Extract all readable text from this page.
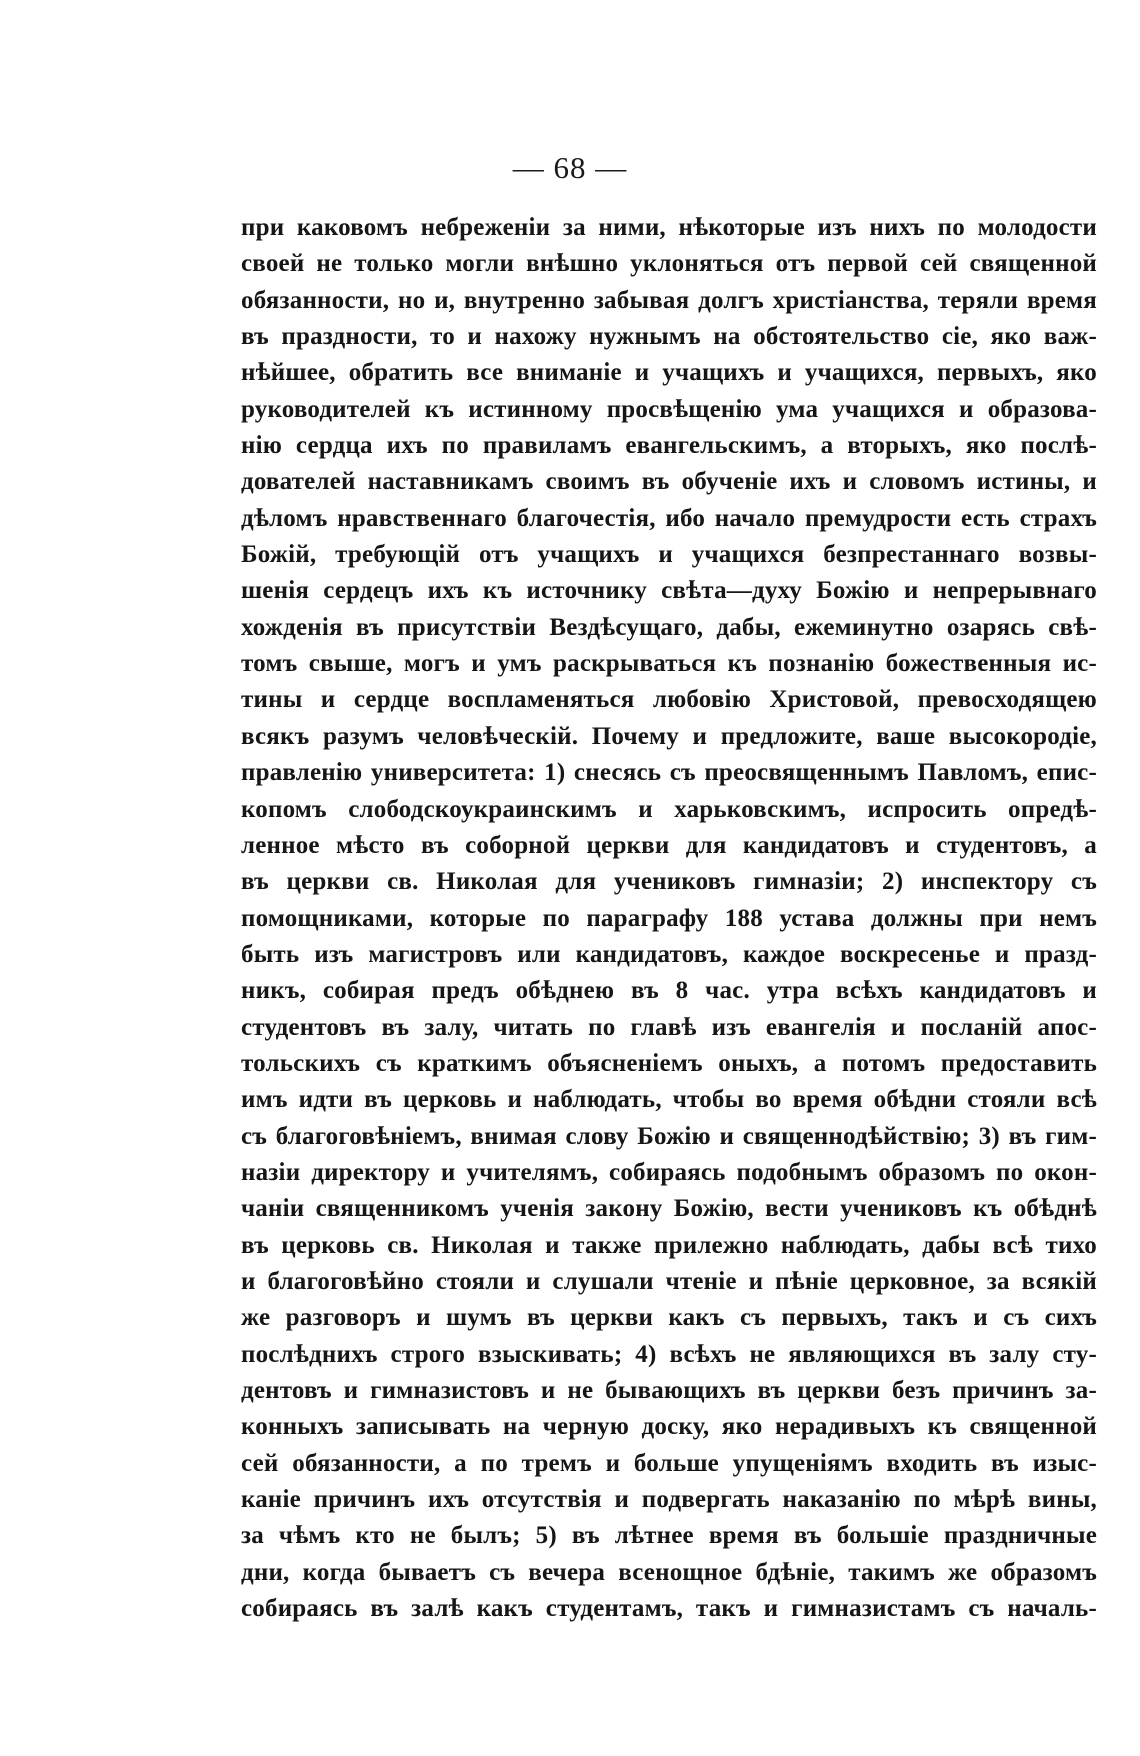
— 68 —
при каковомъ небреженіи за ними, нѣкоторые изъ нихъ по молодости
своей не только могли внѣшно уклоняться отъ первой сей священной
обязанности, но и, внутренно забывая долгъ христіанства, теряли время
въ праздности, то и нахожу нужнымъ на обстоятельство сіе, яко важ-
нѣйшее, обратить все вниманіе и учащихъ и учащихся, первыхъ, яко
руководителей къ истинному просвѣщенію ума учащихся и образова-
нію сердца ихъ по правиламъ евангельскимъ, а вторыхъ, яко послѣ-
дователей наставникамъ своимъ въ обученіе ихъ и словомъ истины, и
дѣломъ нравственнаго благочестія, ибо начало премудрости есть страхъ
Божій, требующій отъ учащихъ и учащихся безпрестаннаго возвы-
шенія сердецъ ихъ къ источнику свѣта—духу Божію и непрерывнаго
хожденія въ присутствіи Вездѣсущаго, дабы, ежеминутно озарясь свѣ-
томъ свыше, могъ и умъ раскрываться къ познанію божественныя ис-
тины и сердце воспламеняться любовію Христовой, превосходящею
всякъ разумъ человѣческій. Почему и предложите, ваше высокородіе,
правленію университета: 1) снесясь съ преосвященнымъ Павломъ, епис-
копомъ слободскоукраинскимъ и харьковскимъ, испросить опредѣ-
ленное мѣсто въ соборной церкви для кандидатовъ и студентовъ, а
въ церкви св. Николая для учениковъ гимназіи; 2) инспектору съ
помощниками, которые по параграфу 188 устава должны при немъ
быть изъ магистровъ или кандидатовъ, каждое воскресенье и празд-
никъ, собирая предъ обѣднею въ 8 час. утра всѣхъ кандидатовъ и
студентовъ въ залу, читать по главѣ изъ евангелія и посланій апос-
тольскихъ съ краткимъ объясненіемъ оныхъ, а потомъ предоставить
имъ идти въ церковь и наблюдать, чтобы во время обѣдни стояли всѣ
съ благоговѣніемъ, внимая слову Божію и священнодѣйствію; 3) въ гим-
назіи директору и учителямъ, собираясь подобнымъ образомъ по окон-
чаніи священникомъ ученія закону Божію, вести учениковъ къ обѣднѣ
въ церковь св. Николая и также прилежно наблюдать, дабы всѣ тихо
и благоговѣйно стояли и слушали чтеніе и пѣніе церковное, за всякій
же разговоръ и шумъ въ церкви какъ съ первыхъ, такъ и съ сихъ
послѣднихъ строго взыскивать; 4) всѣхъ не являющихся въ залу сту-
дентовъ и гимназистовъ и не бывающихъ въ церкви безъ причинъ за-
конныхъ записывать на черную доску, яко нерадивыхъ къ священной
сей обязанности, а по тремъ и больше упущеніямъ входить въ изыс-
каніе причинъ ихъ отсутствія и подвергать наказанію по мѣрѣ вины,
за чѣмъ кто не былъ; 5) въ лѣтнее время въ большіе праздничные
дни, когда бываетъ съ вечера всенощное бдѣніе, такимъ же образомъ
собираясь въ залѣ какъ студентамъ, такъ и гимназистамъ съ началь-
